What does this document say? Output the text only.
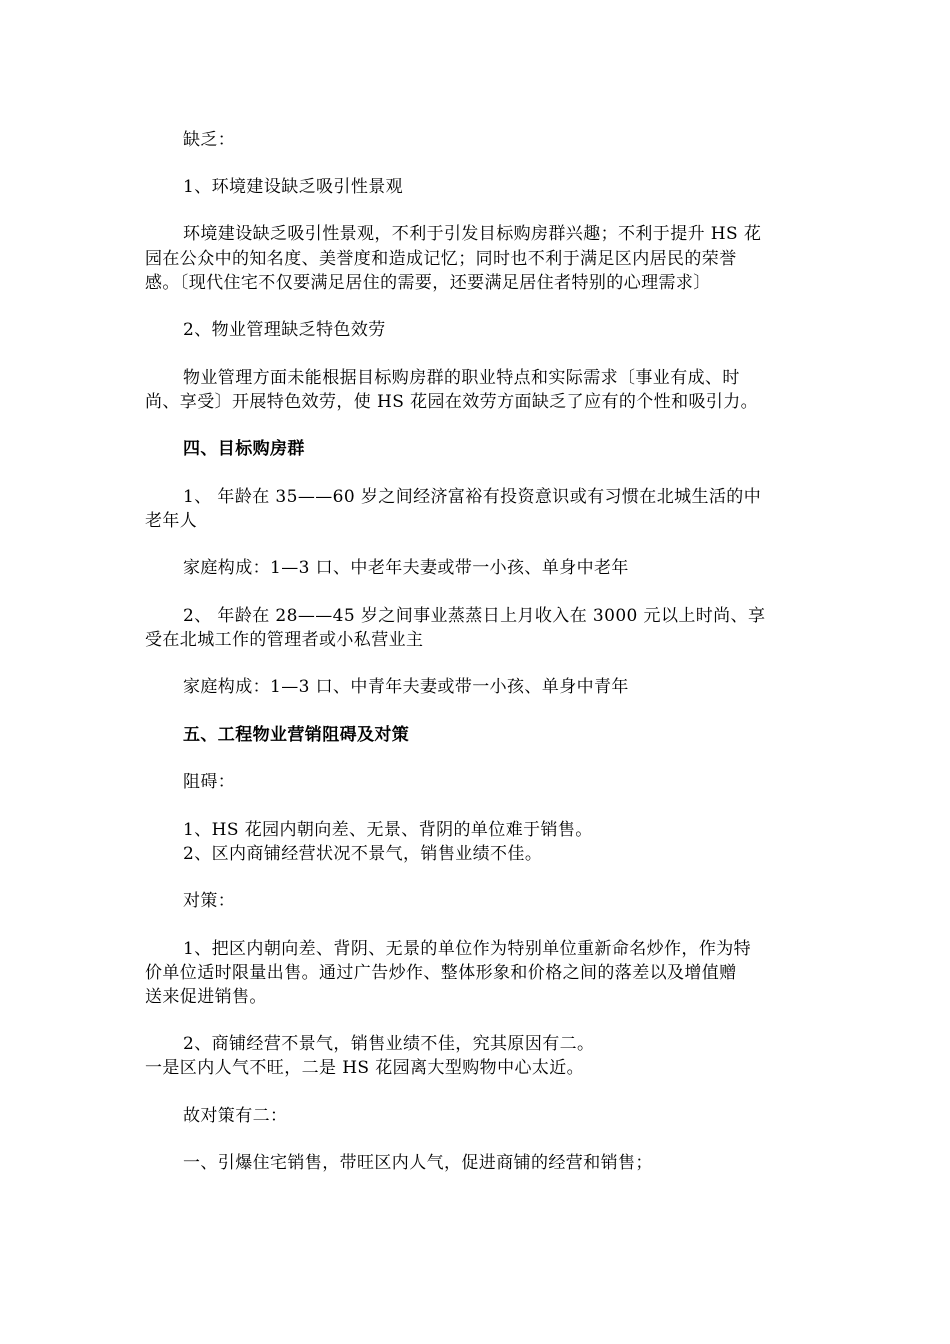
缺乏：
1、环境建设缺乏吸引性景观
环境建设缺乏吸引性景观，不利于引发目标购房群兴趣；不利于提升 HS 花
园在公众中的知名度、美誉度和造成记忆；同时也不利于满足区内居民的荣誉
感。〔现代住宅不仅要满足居住的需要，还要满足居住者特别的心理需求〕
2、物业管理缺乏特色效劳
物业管理方面未能根据目标购房群的职业特点和实际需求〔事业有成、时
尚、享受〕开展特色效劳，使 HS 花园在效劳方面缺乏了应有的个性和吸引力。
四、目标购房群
1、 年龄在 35——60 岁之间经济富裕有投资意识或有习惯在北城生活的中
老年人
家庭构成：1—3 口、中老年夫妻或带一小孩、单身中老年
2、 年龄在 28——45 岁之间事业蒸蒸日上月收入在 3000 元以上时尚、享
受在北城工作的管理者或小私营业主
家庭构成：1—3 口、中青年夫妻或带一小孩、单身中青年
五、工程物业营销阻碍及对策
阻碍：
1、HS 花园内朝向差、无景、背阴的单位难于销售。
2、区内商铺经营状况不景气，销售业绩不佳。
对策：
1、把区内朝向差、背阴、无景的单位作为特别单位重新命名炒作，作为特
价单位适时限量出售。通过广告炒作、整体形象和价格之间的落差以及增值赠
送来促进销售。
2、商铺经营不景气，销售业绩不佳，究其原因有二。
一是区内人气不旺，二是 HS 花园离大型购物中心太近。
故对策有二：
一、引爆住宅销售，带旺区内人气，促进商铺的经营和销售；
